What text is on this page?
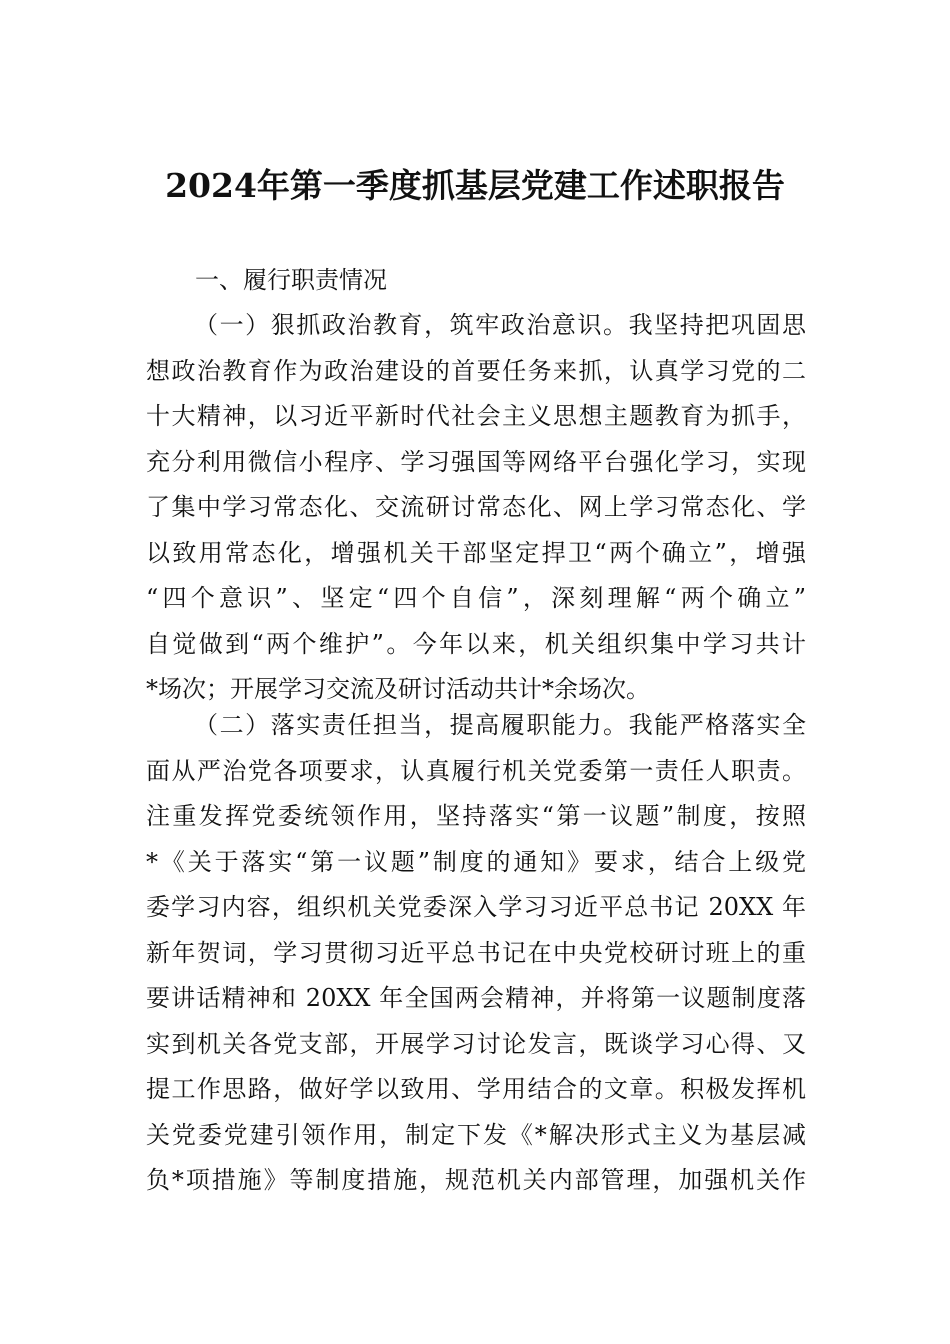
2024年第一季度抓基层党建工作述职报告
一、履行职责情况
（一）狠抓政治教育，筑牢政治意识。我坚持把巩固思
想政治教育作为政治建设的首要任务来抓，认真学习党的二
十大精神，以习近平新时代社会主义思想主题教育为抓手，
充分利用微信小程序、学习强国等网络平台强化学习，实现
了集中学习常态化、交流研讨常态化、网上学习常态化、学
以致用常态化，增强机关干部坚定捍卫“两个确立”，增强
“四个意识”、坚定“四个自信”，深刻理解“两个确立”
自觉做到“两个维护”。今年以来，机关组织集中学习共计
*场次；开展学习交流及研讨活动共计*余场次。
（二）落实责任担当，提高履职能力。我能严格落实全
面从严治党各项要求，认真履行机关党委第一责任人职责。
注重发挥党委统领作用，坚持落实“第一议题”制度，按照
*《关于落实“第一议题”制度的通知》要求，结合上级党
委学习内容，组织机关党委深入学习习近平总书记 20XX 年
新年贺词，学习贯彻习近平总书记在中央党校研讨班上的重
要讲话精神和 20XX 年全国两会精神，并将第一议题制度落
实到机关各党支部，开展学习讨论发言，既谈学习心得、又
提工作思路，做好学以致用、学用结合的文章。积极发挥机
关党委党建引领作用，制定下发《*解决形式主义为基层减
负*项措施》等制度措施，规范机关内部管理，加强机关作
